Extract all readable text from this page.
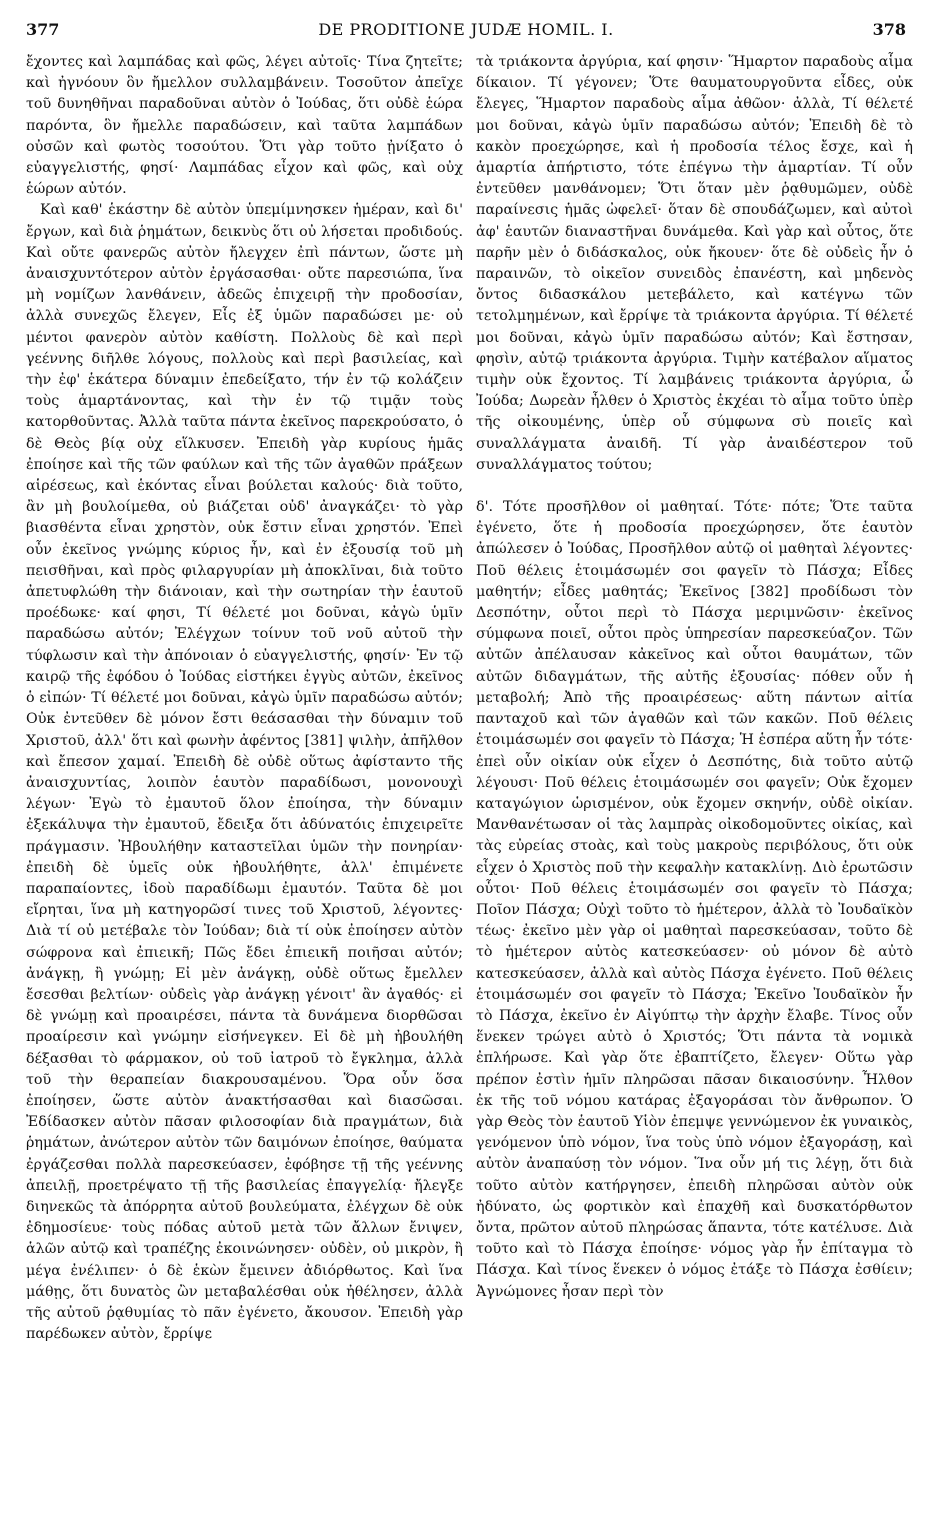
377	DE PRODITIONE JUDÆ HOMIL. I.	378

ἔχοντες καὶ λαμπάδας καὶ φῶς, λέγει αὐτοῖς· Τίνα ζητεῖτε; καὶ ἠγνόουν ὃν ἤμελλον συλλαμβάνειν. Τοσοῦτον ἀπεῖχε τοῦ δυνηθῆναι παραδοῦναι αὐτὸν ὁ Ἰούδας, ὅτι οὐδὲ ἑώρα παρόντα, ὃν ἤμελλε παραδώσειν, καὶ ταῦτα λαμπάδων οὐσῶν καὶ φωτὸς τοσούτου. Ὅτι γὰρ τοῦτο ᾐνίξατο ὁ εὐαγγελιστής, φησί· Λαμπάδας εἶχον καὶ φῶς, καὶ οὐχ ἑώρων αὐτόν.

Καὶ καθ' ἑκάστην δὲ αὐτὸν ὑπεμίμνησκεν ἡμέραν, καὶ δι' ἔργων, καὶ διὰ ῥημάτων, δεικνὺς ὅτι οὐ λήσεται προδιδούς. Καὶ οὔτε φανερῶς αὐτὸν ἤλεγχεν ἐπὶ πάντων, ὥστε μὴ ἀναισχυντότερον αὐτὸν ἐργάσασθαι· οὔτε παρεσιώπα, ἵνα μὴ νομίζων λανθάνειν, ἀδεῶς ἐπιχειρῇ τὴν προδοσίαν, ἀλλὰ συνεχῶς ἔλεγεν, Εἷς ἐξ ὑμῶν παραδώσει με· οὐ μέντοι φανερὸν αὐτὸν καθίστη. Πολλοὺς δὲ καὶ περὶ γεέννης διῆλθε λόγους, πολλοὺς καὶ περὶ βασιλείας, καὶ τὴν ἐφ' ἑκάτερα δύναμιν ἐπεδείξατο, τήν ἐν τῷ κολάζειν τοὺς ἁμαρτάνοντας, καὶ τὴν ἐν τῷ τιμᾷν τοὺς κατορθοῦντας. Ἀλλὰ ταῦτα πάντα ἐκεῖνος παρεκρούσατο, ὁ δὲ Θεὸς βίᾳ οὐχ εἵλκυσεν. Ἐπειδὴ γὰρ κυρίους ἡμᾶς ἐποίησε καὶ τῆς τῶν φαύλων καὶ τῆς τῶν ἀγαθῶν πράξεων αἱρέσεως, καὶ ἑκόντας εἶναι βούλεται καλούς· διὰ τοῦτο, ἂν μὴ βουλοίμεθα, οὐ βιάζεται οὐδ' ἀναγκάζει· τὸ γὰρ βιασθέντα εἶναι χρηστὸν, οὐκ ἔστιν εἶναι χρηστόν. Ἐπεὶ οὖν ἐκεῖνος γνώμης κύριος ἦν, καὶ ἐν ἐξουσίᾳ τοῦ μὴ πεισθῆναι, καὶ πρὸς φιλαργυρίαν μὴ ἀποκλῖναι, διὰ τοῦτο ἀπετυφλώθη τὴν διάνοιαν, καὶ τὴν σωτηρίαν τὴν ἑαυτοῦ προέδωκε· καί φησι, Τί θέλετέ μοι δοῦναι, κἀγὼ ὑμῖν παραδώσω αὐτόν; Ἐλέγχων τοίνυν τοῦ νοῦ αὐτοῦ τὴν τύφλωσιν καὶ τὴν ἀπόνοιαν ὁ εὐαγγελιστής, φησίν· Ἐν τῷ καιρῷ τῆς ἐφόδου ὁ Ἰούδας εἱστήκει ἐγγὺς αὐτῶν, ἐκεῖνος ὁ εἰπών· Τί θέλετέ μοι δοῦναι, κἀγὼ ὑμῖν παραδώσω αὐτόν; Οὐκ ἐντεῦθεν δὲ μόνον ἔστι θεάσασθαι τὴν δύναμιν τοῦ Χριστοῦ, ἀλλ' ὅτι καὶ φωνὴν ἀφέντος [381] ψιλὴν, ἀπῆλθον καὶ ἔπεσον χαμαί. Ἐπειδὴ δὲ οὐδὲ οὕτως ἀφίσταντο τῆς ἀναισχυντίας, λοιπὸν ἑαυτὸν παραδίδωσι, μονονουχὶ λέγων· Ἐγὼ τὸ ἐμαυτοῦ ὅλον ἐποίησα, τὴν δύναμιν ἐξεκάλυψα τὴν ἐμαυτοῦ, ἔδειξα ὅτι ἀδύνατόις ἐπιχειρεῖτε πράγμασιν. Ἠβουλήθην καταστεῖλαι ὑμῶν τὴν πονηρίαν· ἐπειδὴ δὲ ὑμεῖς οὐκ ἠβουλήθητε, ἀλλ' ἐπιμένετε παραπαίοντες, ἰδοὺ παραδίδωμι ἐμαυτόν. Ταῦτα δὲ μοι εἴρηται, ἵνα μὴ κατηγορῶσί τινες τοῦ Χριστοῦ, λέγοντες· Διὰ τί οὐ μετέβαλε τὸν Ἰούδαν; διὰ τί οὐκ ἐποίησεν αὐτὸν σώφρονα καὶ ἐπιεικῆ; Πῶς ἔδει ἐπιεικῆ ποιῆσαι αὐτόν; ἀνάγκῃ, ἢ γνώμῃ; Εἰ μὲν ἀνάγκῃ, οὐδὲ οὕτως ἔμελλεν ἔσεσθαι βελτίων· οὐδεὶς γὰρ ἀνάγκῃ γένοιτ' ἂν ἀγαθός· εἰ δὲ γνώμῃ καὶ προαιρέσει, πάντα τὰ δυνάμενα διορθῶσαι προαίρεσιν καὶ γνώμην εἰσήνεγκεν. Εἰ δὲ μὴ ἠβουλήθη δέξασθαι τὸ φάρμακον, οὐ τοῦ ἰατροῦ τὸ ἔγκλημα, ἀλλὰ τοῦ τὴν θεραπείαν διακρουσαμένου. Ὅρα οὖν ὅσα ἐποίησεν, ὥστε αὐτὸν ἀνακτήσασθαι καὶ διασῶσαι. Ἐδίδασκεν αὐτὸν πᾶσαν φιλοσοφίαν διὰ πραγμάτων, διὰ ῥημάτων, ἀνώτερον αὐτὸν τῶν δαιμόνων ἐποίησε, θαύματα ἐργάζεσθαι πολλὰ παρεσκεύασεν, ἐφόβησε τῇ τῆς γεέννης ἀπειλῇ, προετρέψατο τῇ τῆς βασιλείας ἐπαγγελίᾳ· ἤλεγξε διηνεκῶς τὰ ἀπόρρητα αὐτοῦ βουλεύματα, ἐλέγχων δὲ οὐκ ἐδημοσίευε· τοὺς πόδας αὐτοῦ μετὰ τῶν ἄλλων ἔνιψεν, ἁλῶν αὐτῷ καὶ τραπέζης ἐκοινώνησεν· οὐδὲν, οὐ μικρὸν, ἢ μέγα ἐνέλιπεν· ὁ δὲ ἑκὼν ἔμεινεν ἀδιόρθωτος. Καὶ ἵνα μάθῃς, ὅτι δυνατὸς ὢν μεταβαλέσθαι οὐκ ἠθέλησεν, ἀλλὰ τῆς αὐτοῦ ῥᾳθυμίας τὸ πᾶν ἐγένετο, ἄκουσον. Ἐπειδὴ γὰρ παρέδωκεν αὐτὸν, ἔρρίψε

τὰ τριάκοντα ἀργύρια, καί φησιν· Ἥμαρτον παραδοὺς αἷμα δίκαιον. Τί γέγονεν; Ὅτε θαυματουργοῦντα εἶδες, οὐκ ἔλεγες, Ἥμαρτον παραδοὺς αἷμα ἀθῶον· ἀλλὰ, Τί θέλετέ μοι δοῦναι, κἀγὼ ὑμῖν παραδώσω αὐτόν; Ἐπειδὴ δὲ τὸ κακὸν προεχώρησε, καὶ ἡ προδοσία τέλος ἔσχε, καὶ ἡ ἁμαρτία ἀπήρτιστο, τότε ἐπέγνω τὴν ἁμαρτίαν. Τί οὖν ἐντεῦθεν μανθάνομεν; Ὅτι ὅταν μὲν ῥᾳθυμῶμεν, οὐδὲ παραίνεσις ἡμᾶς ὠφελεῖ· ὅταν δὲ σπουδάζωμεν, καὶ αὐτοὶ ἀφ' ἑαυτῶν διαναστῆναι δυνάμεθα. Καὶ γὰρ καὶ οὗτος, ὅτε παρῆν μὲν ὁ διδάσκαλος, οὐκ ἤκουεν· ὅτε δὲ οὐδεὶς ἦν ὁ παραινῶν, τὸ οἰκεῖον συνειδὸς ἐπανέστη, καὶ μηδενὸς ὄντος διδασκάλου μετεβάλετο, καὶ κατέγνω τῶν τετολμημένων, καὶ ἔρρίψε τὰ τριάκοντα ἀργύρια. Τί θέλετέ μοι δοῦναι, κἀγὼ ὑμῖν παραδώσω αὐτόν; Καὶ ἔστησαν, φησὶν, αὐτῷ τριάκοντα ἀργύρια. Τιμὴν κατέβαλον αἵματος τιμὴν οὐκ ἔχοντος. Τί λαμβάνεις τριάκοντα ἀργύρια, ὦ Ἰούδα; Δωρεὰν ἦλθεν ὁ Χριστὸς ἐκχέαι τὸ αἷμα τοῦτο ὑπὲρ τῆς οἰκουμένης, ὑπὲρ οὗ σύμφωνα σὺ ποιεῖς καὶ συναλλάγματα ἀναιδῆ. Τί γὰρ ἀναιδέστερον τοῦ συναλλάγματος τούτου;

δ'. Τότε προσῆλθον οἱ μαθηταί. Τότε· πότε; Ὅτε ταῦτα ἐγένετο, ὅτε ἡ προδοσία προεχώρησεν, ὅτε ἑαυτὸν ἀπώλεσεν ὁ Ἰούδας, Προσῆλθον αὐτῷ οἱ μαθηταὶ λέγοντες· Ποῦ θέλεις ἑτοιμάσωμέν σοι φαγεῖν τὸ Πάσχα; Εἶδες μαθητήν; εἶδες μαθητάς; Ἐκεῖνος [382] προδίδωσι τὸν Δεσπότην, οὗτοι περὶ τὸ Πάσχα μεριμνῶσιν· ἐκεῖνος σύμφωνα ποιεῖ, οὗτοι πρὸς ὑπηρεσίαν παρεσκεύαζον. Τῶν αὐτῶν ἀπέλαυσαν κἀκεῖνος καὶ οὗτοι θαυμάτων, τῶν αὐτῶν διδαγμάτων, τῆς αὐτῆς ἐξουσίας· πόθεν οὖν ἡ μεταβολή; Ἀπὸ τῆς προαιρέσεως· αὕτη πάντων αἰτία πανταχοῦ καὶ τῶν ἀγαθῶν καὶ τῶν κακῶν. Ποῦ θέλεις ἑτοιμάσωμέν σοι φαγεῖν τὸ Πάσχα; Ἡ ἑσπέρα αὕτη ἦν τότε· ἐπεὶ οὖν οἰκίαν οὐκ εἶχεν ὁ Δεσπότης, διὰ τοῦτο αὐτῷ λέγουσι· Ποῦ θέλεις ἑτοιμάσωμέν σοι φαγεῖν; Οὐκ ἔχομεν καταγώγιον ὡρισμένον, οὐκ ἔχομεν σκηνήν, οὐδὲ οἰκίαν. Μανθανέτωσαν οἱ τὰς λαμπρὰς οἰκοδομοῦντες οἰκίας, καὶ τὰς εὐρείας στοὰς, καὶ τοὺς μακροὺς περιβόλους, ὅτι οὐκ εἶχεν ὁ Χριστὸς ποῦ τὴν κεφαλὴν κατακλίνῃ. Διὸ ἐρωτῶσιν οὗτοι· Ποῦ θέλεις ἑτοιμάσωμέν σοι φαγεῖν τὸ Πάσχα; Ποῖον Πάσχα; Οὐχὶ τοῦτο τὸ ἡμέτερον, ἀλλὰ τὸ Ἰουδαϊκὸν τέως· ἐκεῖνο μὲν γὰρ οἱ μαθηταὶ παρεσκεύασαν, τοῦτο δὲ τὸ ἡμέτερον αὐτὸς κατεσκεύασεν· οὐ μόνον δὲ αὐτὸ κατεσκεύασεν, ἀλλὰ καὶ αὐτὸς Πάσχα ἐγένετο. Ποῦ θέλεις ἑτοιμάσωμέν σοι φαγεῖν τὸ Πάσχα; Ἐκεῖνο Ἰουδαϊκὸν ἦν τὸ Πάσχα, ἐκεῖνο ἐν Αἰγύπτῳ τὴν ἀρχὴν ἔλαβε. Τίνος οὖν ἕνεκεν τρώγει αὐτὸ ὁ Χριστός; Ὅτι πάντα τὰ νομικὰ ἐπλήρωσε. Καὶ γὰρ ὅτε ἐβαπτίζετο, ἔλεγεν· Οὕτω γὰρ πρέπον ἐστὶν ἡμῖν πληρῶσαι πᾶσαν δικαιοσύνην. Ἦλθον ἐκ τῆς τοῦ νόμου κατάρας ἐξαγοράσαι τὸν ἄνθρωπον. Ὁ γὰρ Θεὸς τὸν ἑαυτοῦ Υἱὸν ἐπεμψε γεννώμενον ἐκ γυναικὸς, γενόμενον ὑπὸ νόμον, ἵνα τοὺς ὑπὸ νόμον ἐξαγοράσῃ, καὶ αὐτὸν ἀναπαύσῃ τὸν νόμον. Ἵνα οὖν μή τις λέγῃ, ὅτι διὰ τοῦτο αὐτὸν κατήργησεν, ἐπειδὴ πληρῶσαι αὐτὸν οὐκ ἠδύνατο, ὡς φορτικὸν καὶ ἐπαχθῆ καὶ δυσκατόρθωτον ὄντα, πρῶτον αὐτοῦ πληρώσας ἅπαντα, τότε κατέλυσε. Διὰ τοῦτο καὶ τὸ Πάσχα ἐποίησε· νόμος γὰρ ἦν ἐπίταγμα τὸ Πάσχα. Καὶ τίνος ἕνεκεν ὁ νόμος ἐτάξε τὸ Πάσχα ἐσθίειν; Ἀγνώμονες ἦσαν περὶ τὸν
